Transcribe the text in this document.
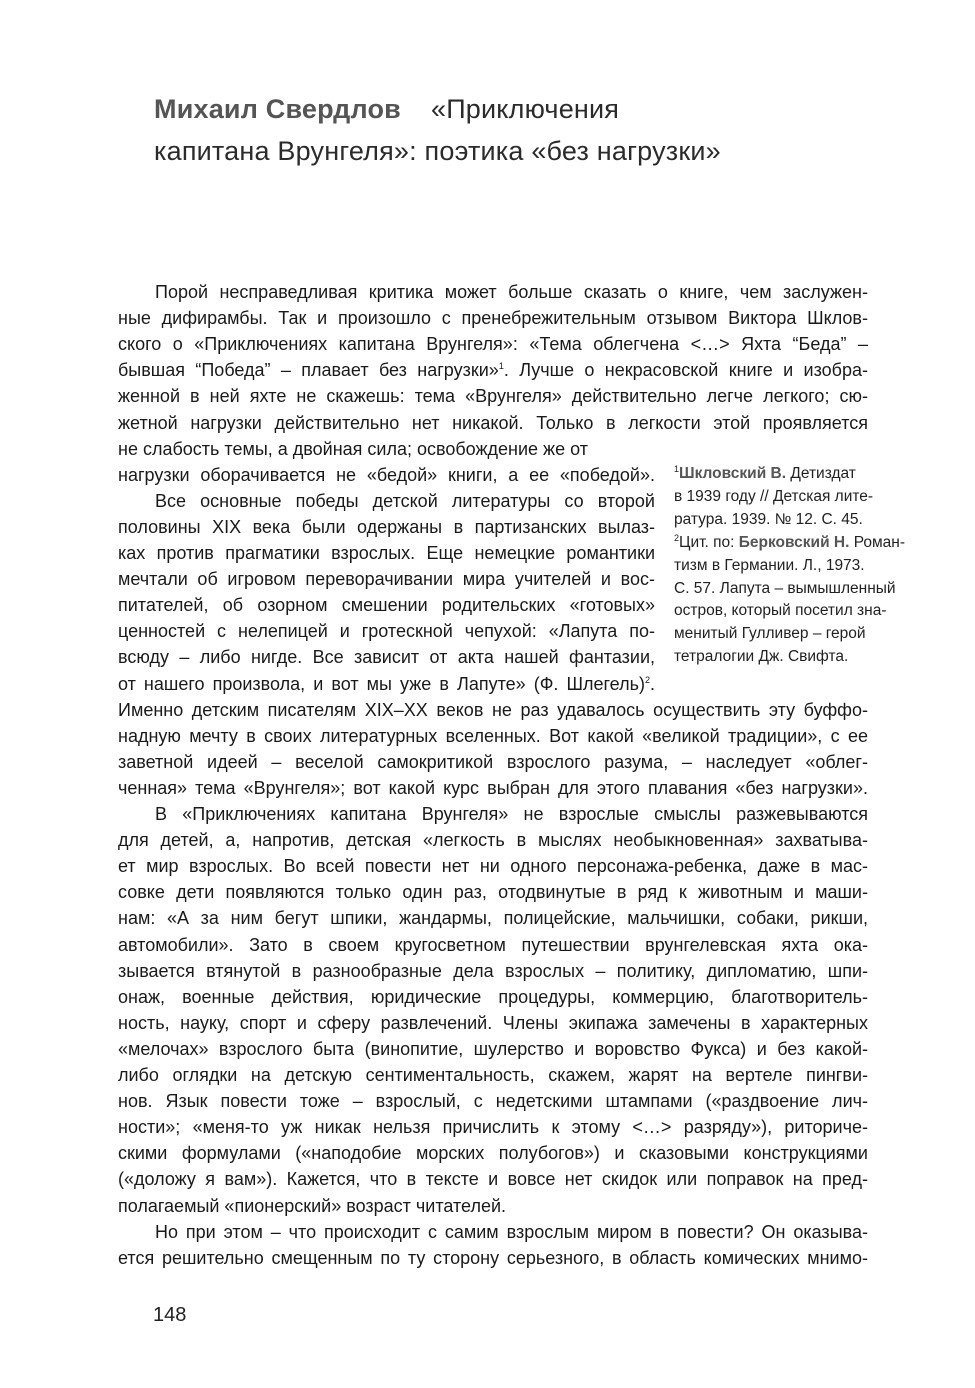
Михаил Свердлов «Приключения
капитана Врунгеля»: поэтика «без нагрузки»
Порой несправедливая критика может больше сказать о книге, чем заслужен-
ные дифирамбы. Так и произошло с пренебрежительным отзывом Виктора Шклов-
ского о «Приключениях капитана Врунгеля»: «Тема облегчена <…> Яхта “Беда” –
бывшая “Победа” – плавает без нагрузки»$^1$. Лучше о некрасовской книге и изобра-
женной в ней яхте не скажешь: тема «Врунгеля» действительно легче легкого; сю-
жетной нагрузки действительно нет никакой. Только в легкости этой проявляется
не слабость темы, а двойная сила; освобождение же от
нагрузки оборачивается не «бедой» книги, а ее «победой».
Все основные победы детской литературы со второй
половины XIX века были одержаны в партизанских вылаз-
ках против прагматики взрослых. Еще немецкие романтики
мечтали об игровом переворачивании мира учителей и вос-
питателей, об озорном смешении родительских «готовых»
ценностей с нелепицей и гротескной чепухой: «Лапута по-
всюду – либо нигде. Все зависит от акта нашей фантазии,
от нашего произвола, и вот мы уже в Лапуте» (Ф. Шлегель)$^2$.
Именно детским писателям XIX–XX веков не раз удавалось осуществить эту буффо-
надную мечту в своих литературных вселенных. Вот какой «великой традиции», с ее
заветной идеей – веселой самокритикой взрослого разума, – наследует «облег-
ченная» тема «Врунгеля»; вот какой курс выбран для этого плавания «без нагрузки».
В «Приключениях капитана Врунгеля» не взрослые смыслы разжевываются
для детей, а, напротив, детская «легкость в мыслях необыкновенная» захватыва-
ет мир взрослых. Во всей повести нет ни одного персонажа-ребенка, даже в мас-
совке дети появляются только один раз, отодвинутые в ряд к животным и маши-
нам: «А за ним бегут шпики, жандармы, полицейские, мальчишки, собаки, рикши,
автомобили». Зато в своем кругосветном путешествии врунгелевская яхта ока-
зывается втянутой в разнообразные дела взрослых – политику, дипломатию, шпи-
онаж, военные действия, юридические процедуры, коммерцию, благотворитель-
ность, науку, спорт и сферу развлечений. Члены экипажа замечены в характерных
«мелочах» взрослого быта (винопитие, шулерство и воровство Фукса) и без какой-
либо оглядки на детскую сентиментальность, скажем, жарят на вертеле пингви-
нов. Язык повести тоже – взрослый, с недетскими штампами («раздвоение лич-
ности»; «меня-то уж никак нельзя причислить к этому <…> разряду»), риториче-
скими формулами («наподобие морских полубогов») и сказовыми конструкциями
(«доложу я вам»). Кажется, что в тексте и вовсе нет скидок или поправок на пред-
полагаемый «пионерский» возраст читателей.
Но при этом – что происходит с самим взрослым миром в повести? Он оказыва-
ется решительно смещенным по ту сторону серьезного, в область комических мнимо-
$^1$Шкловский В. Детиздат
в 1939 году // Детская лите-
ратура. 1939. № 12. С. 45.
$^2$Цит. по: Берковский Н. Роман-
тизм в Германии. Л., 1973.
С. 57. Лапута – вымышленный
остров, который посетил зна-
менитый Гулливер – герой
тетралогии Дж. Свифта.
148
